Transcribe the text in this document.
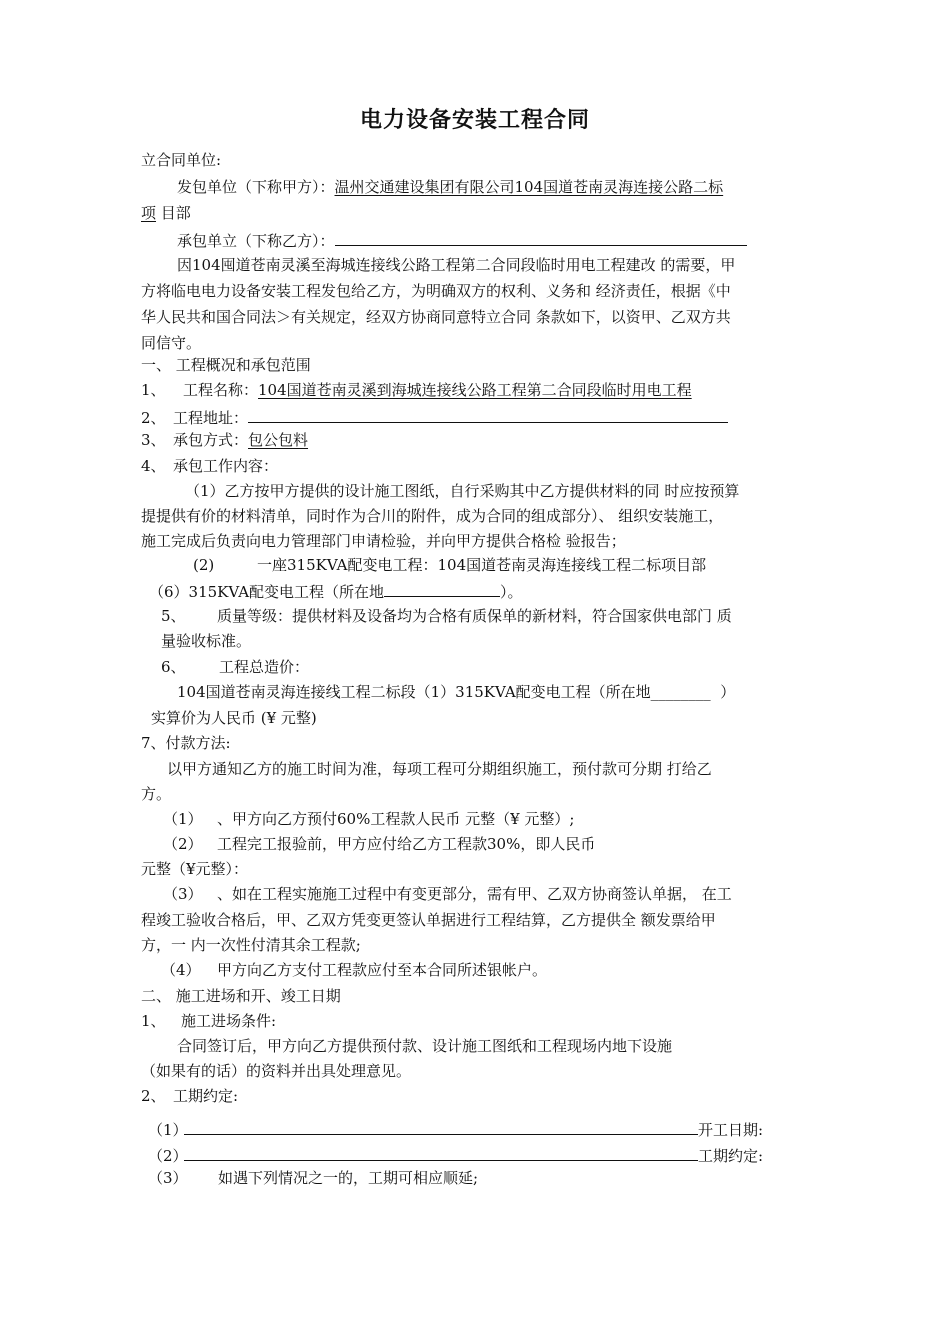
电力设备安装工程合同
立合同单位:
发包单位（下称甲方）：温州交通建设集团有限公司104国道苍南灵海连接公路二标
项 目部
承包单立（下称乙方）：
因104囤道苍南灵溪至海城连接线公路工程第二合同段临时用电工程建改 的需要，甲
方将临电电力设备安装工程发包给乙方，为明确双方的权利、义务和 经济责任，根据《中
华人民共和国合同法＞有关规定，经双方协商同意特立合同 条款如下，以资甲、乙双方共
同信守。
一、 工程概况和承包范围
1、 工程名称：104国道苍南灵溪到海城连接线公路工程第二合同段临时用电工程
2、 工程地址：
3、 承包方式：包公包料
4、 承包工作内容：
（1）乙方按甲方提供的设计施工图纸，自行采购其中乙方提供材料的同 时应按预算
提提供有价的材料清单，同时作为合川的附件，成为合同的组成部分）、 组织安装施工，
施工完成后负责向电力管理部门申请检验，并向甲方提供合格检 验报告；
(2)	一座315KVA配变电工程：104国道苍南灵海连接线工程二标项目部
（6）315KVA配变电工程（所在地	）。
5、 质量等级：提供材料及设备均为合格有质保单的新材料，符合国家供电部门 质
量验收标准。
6、 工程总造价：
104国道苍南灵海连接线工程二标段（1）315KVA配变电工程（所在地________ ）
实算价为人民币 (¥ 元整)
7、付款方法:
以甲方通知乙方的施工时间为准，每项工程可分期组织施工，预付款可分期 打给乙
方。
（1） 、甲方向乙方预付60%工程款人民币 元整（¥ 元整）;
（2） 工程完工报验前，甲方应付给乙方工程款30%，即人民币
元整（¥元整）：
（3） 、如在工程实施施工过程中有变更部分，需有甲、乙双方协商签认单据， 在工
程竣工验收合格后，甲、乙双方凭变更签认单据进行工程结算，乙方提供全 额发票给甲
方，一 内一次性付清其余工程款;
（4） 甲方向乙方支付工程款应付至本合同所述银帐户。
二、 施工进场和开、竣工日期
1、 施工进场条件:
合同签订后，甲方向乙方提供预付款、设计施工图纸和工程现场内地下设施
（如果有的话）的资料并出具处理意见。
2、 工期约定:
（1）	开工日期:
（2）	工期约定:
（3） 如遇下列情况之一的，工期可相应顺延;
